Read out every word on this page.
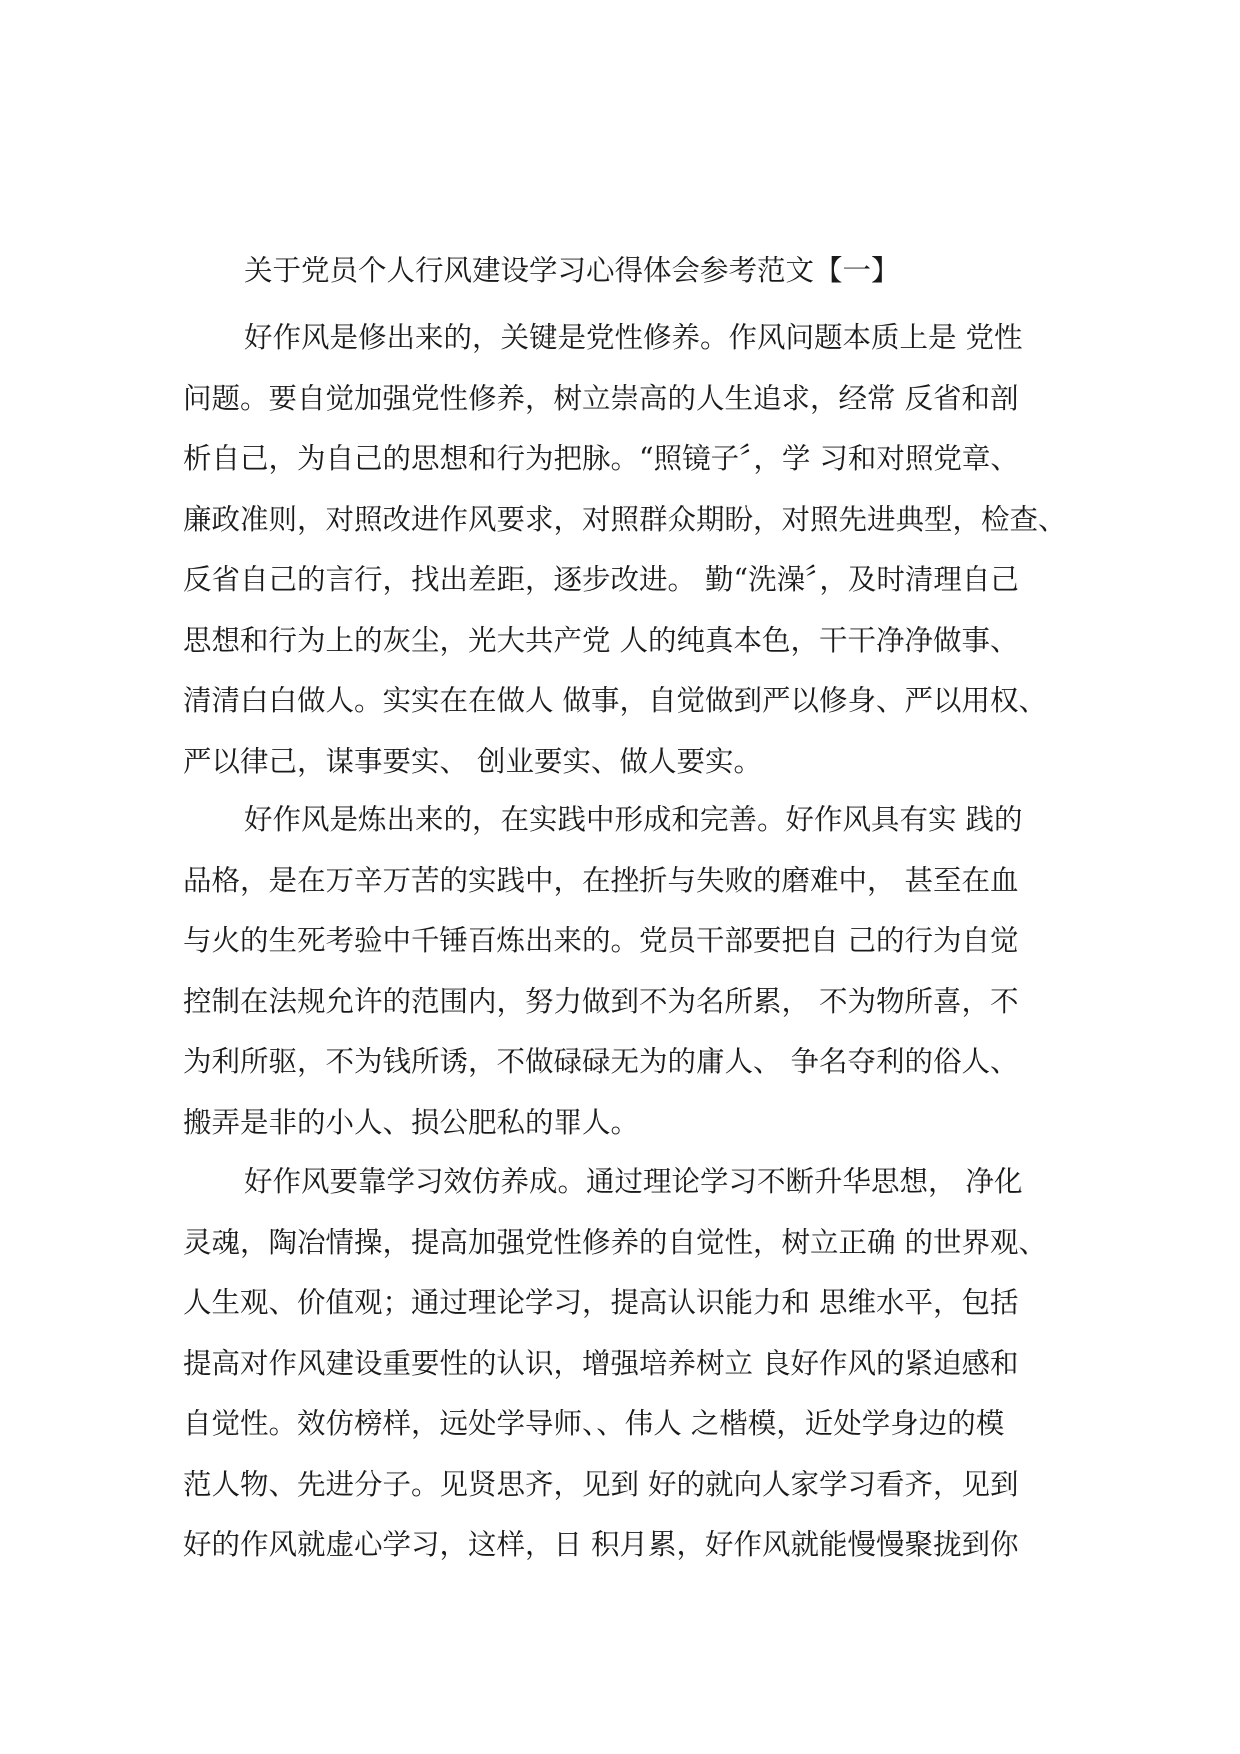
关于党员个人行风建设学习心得体会参考范文【一】
好作风是修出来的，关键是党性修养。作风问题本质上是 党性
问题。要自觉加强党性修养，树立崇高的人生追求，经常 反省和剖
析自己，为自己的思想和行为把脉。“照镜子〞，学 习和对照党章、
廉政准则，对照改进作风要求，对照群众期盼，对照先进典型，检查、
反省自己的言行，找出差距，逐步改进。 勤“洗澡〞，及时清理自己
思想和行为上的灰尘，光大共产党 人的纯真本色，干干净净做事、
清清白白做人。实实在在做人 做事，自觉做到严以修身、严以用权、
严以律己，谋事要实、 创业要实、做人要实。
好作风是炼出来的，在实践中形成和完善。好作风具有实 践的
品格，是在万辛万苦的实践中，在挫折与失败的磨难中， 甚至在血
与火的生死考验中千锤百炼出来的。党员干部要把自 己的行为自觉
控制在法规允许的范围内，努力做到不为名所累， 不为物所喜，不
为利所驱，不为钱所诱，不做碌碌无为的庸人、 争名夺利的俗人、
搬弄是非的小人、损公肥私的罪人。
好作风要靠学习效仿养成。通过理论学习不断升华思想， 净化
灵魂，陶冶情操，提高加强党性修养的自觉性，树立正确 的世界观、
人生观、价值观；通过理论学习，提高认识能力和 思维水平，包括
提高对作风建设重要性的认识，增强培养树立 良好作风的紧迫感和
自觉性。效仿榜样，远处学导师、、伟人 之楷模，近处学身边的模
范人物、先进分子。见贤思齐，见到 好的就向人家学习看齐，见到
好的作风就虚心学习，这样，日 积月累，好作风就能慢慢聚拢到你
